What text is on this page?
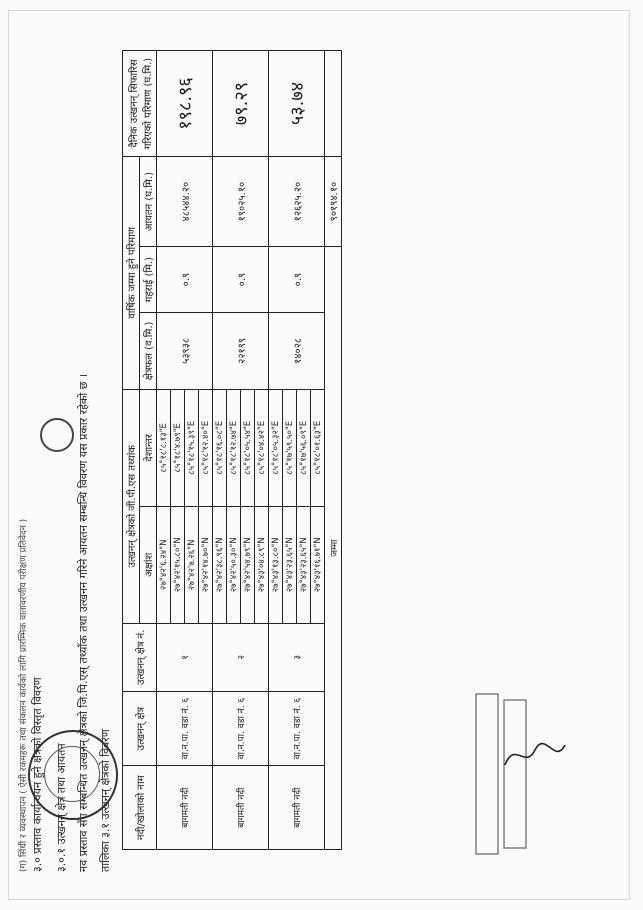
(ग) सिंधी र व्यवस्थापन ( ऐसी रकमहरू तथा संकलन कार्यको लागि प्रारम्भिक वातावरणीय परीक्षण प्रतिवेदन ) ३.० प्रस्ताव कार्यान्वयन हुने क्षेत्रको विस्तृत विवरण ३.०.१ उत्खनन् क्षेत्र तथा आयतन नव प्रस्ताव सँग सम्बन्धित उत्खनन् क्षेत्रको जि.पि.एस् तथ्याँक तथा उत्खनन गरिने आयतन सम्बन्धि विवरण यस प्रकार रहेको छ । तालिका ३.१ उत्खनन् क्षेत्रको विवरण नदी/खोलाको नाम	उत्खनन् क्षेत्र	उत्खनन् क्षेत्र नं.	उत्खनन् क्षेत्रको जी.पी.एस तथ्यांक		वार्षिक जम्मा हुने परिमाण			दैनिक उत्खनन् सिफारिस गरिएको परिमाण (घ.मि.)
			अक्षांश	देशान्तर	क्षेत्रफल (व.मि.)	गहराई (मि.)	आयतन (घ.मि.)	
बागमती नदी	वा.न.पा. वडा नं. ६	१	२७°४२'६.२४"N	८५°१८'८.१३"E	५३९३८	०.९	४८५४४.२०	१९८.९६
			२७°४२'१५.८०"N	८५°१८'४.७९"E				
			२७°४२'७.२६"N	८५°१८'१५.३९"E				
			२७°४२'१४.७०"N	८५°१८'१२.४०"E				
बागमती नदी	वा.न.पा. वडा नं. ६	२	२७°४२'३८.९६"N	८५°१८'१६.०८"E	२२१९९	०.९	१९०२५.१०	७९.२९
			२७°४२'५०.३०"N	८५°१८'१२.७४"E				
			२७°४२'५४.७९"N	८५°१८'०५.५४"E				
			२७°४३'०४.८९"N	८५°१८'०४.४२"E				
बागमती नदी	वा.न.पा. वडा नं. ६	३	२७°४३'१३.८०"N	८५°१८'०५.३२"E	१४०२८	०.९	१२६२५.२०	५३.७४
			२७°४३'२३.६५"N	८५°१७'५९.५०"E				
			२७°४३'२३.६५"N	८५°१७'५६.०९"E				
			२७°४३'१६.७१"N	८५°१८'०१.६३"E				
जम्मा							९०१९४.१०	
